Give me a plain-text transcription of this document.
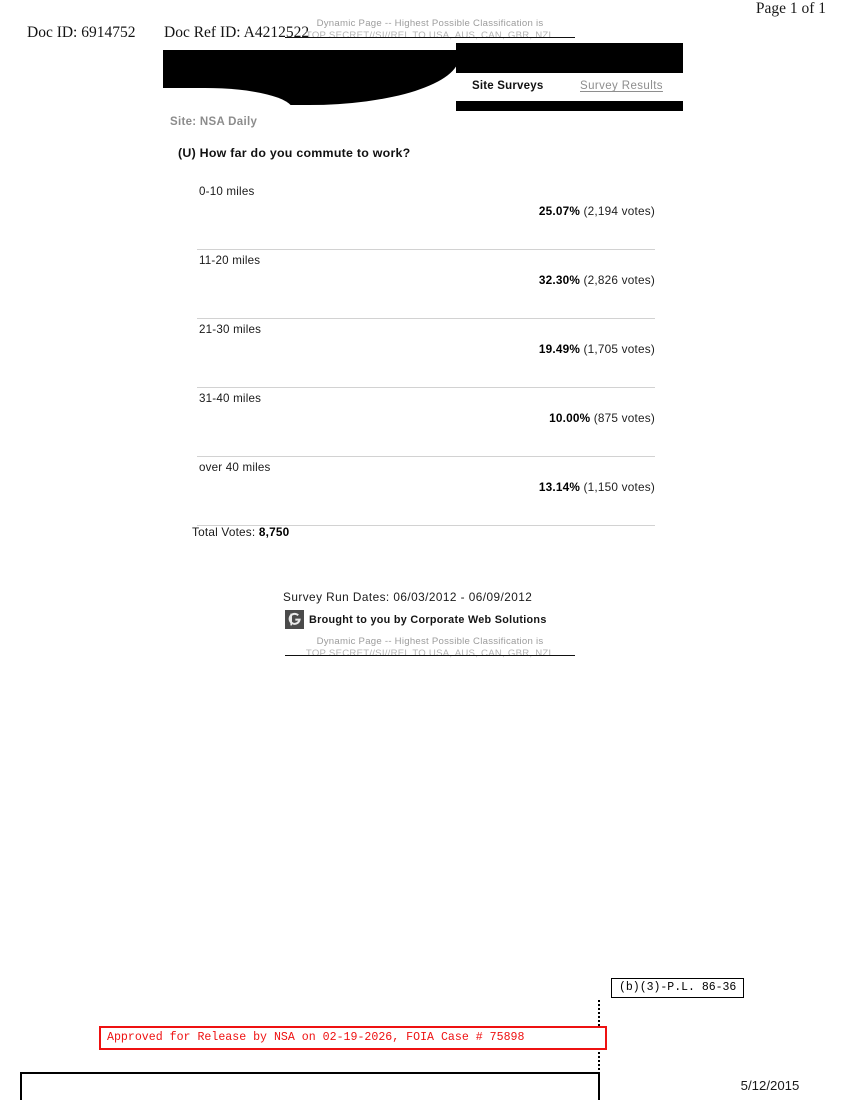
Page 1 of 1
Doc ID: 6914752 Doc Ref ID: A4212522
Dynamic Page -- Highest Possible Classification is
TOP SECRET//SI//REL TO USA, AUS, CAN, GBR, NZL
Site Surveys	Survey Results
Site: NSA Daily
(U) How far do you commute to work?
0-10 miles
25.07% (2,194 votes)
11-20 miles
32.30% (2,826 votes)
21-30 miles
19.49% (1,705 votes)
31-40 miles
10.00% (875 votes)
over 40 miles
13.14% (1,150 votes)
Total Votes: 8,750
Survey Run Dates: 06/03/2012 - 06/09/2012
Brought to you by Corporate Web Solutions
Dynamic Page -- Highest Possible Classification is
TOP SECRET//SI//REL TO USA, AUS, CAN, GBR, NZL
(b)(3)-P.L. 86-36
Approved for Release by NSA on 02-19-2026, FOIA Case # 75898
5/12/2015
